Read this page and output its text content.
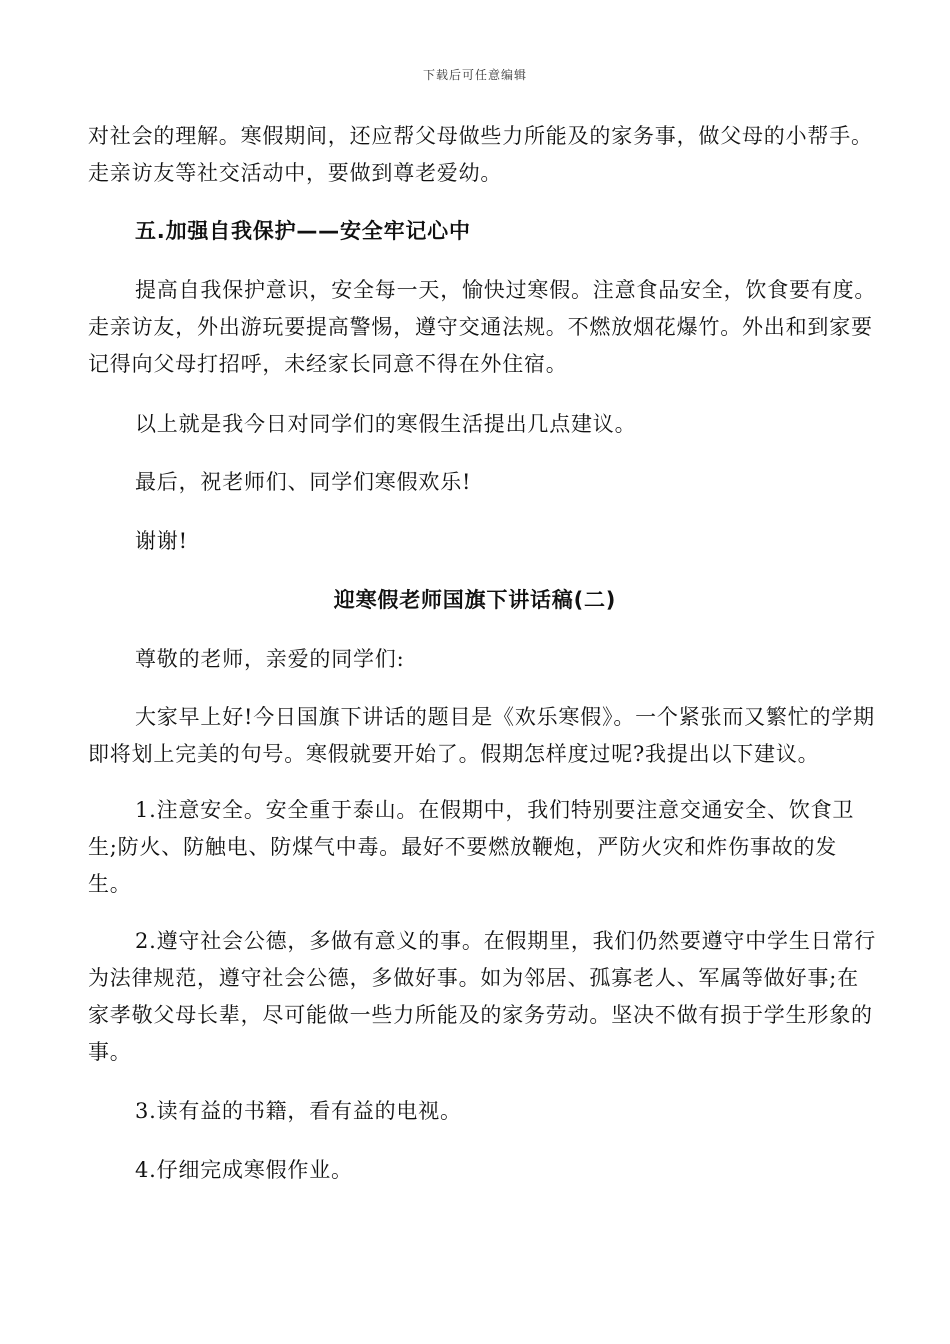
下载后可任意编辑

对社会的理解。寒假期间，还应帮父母做些力所能及的家务事，做父母的小帮手。走亲访友等社交活动中，要做到尊老爱幼。

五.加强自我保护——安全牢记心中

提高自我保护意识，安全每一天，愉快过寒假。注意食品安全，饮食要有度。走亲访友，外出游玩要提高警惕，遵守交通法规。不燃放烟花爆竹。外出和到家要记得向父母打招呼，未经家长同意不得在外住宿。

以上就是我今日对同学们的寒假生活提出几点建议。

最后，祝老师们、同学们寒假欢乐!

谢谢!

迎寒假老师国旗下讲话稿(二)

尊敬的老师，亲爱的同学们:

大家早上好!今日国旗下讲话的题目是《欢乐寒假》。一个紧张而又繁忙的学期即将划上完美的句号。寒假就要开始了。假期怎样度过呢?我提出以下建议。

1.注意安全。安全重于泰山。在假期中，我们特别要注意交通安全、饮食卫生;防火、防触电、防煤气中毒。最好不要燃放鞭炮，严防火灾和炸伤事故的发生。

2.遵守社会公德，多做有意义的事。在假期里，我们仍然要遵守中学生日常行为法律规范，遵守社会公德，多做好事。如为邻居、孤寡老人、军属等做好事;在家孝敬父母长辈，尽可能做一些力所能及的家务劳动。坚决不做有损于学生形象的事。

3.读有益的书籍，看有益的电视。

4.仔细完成寒假作业。
